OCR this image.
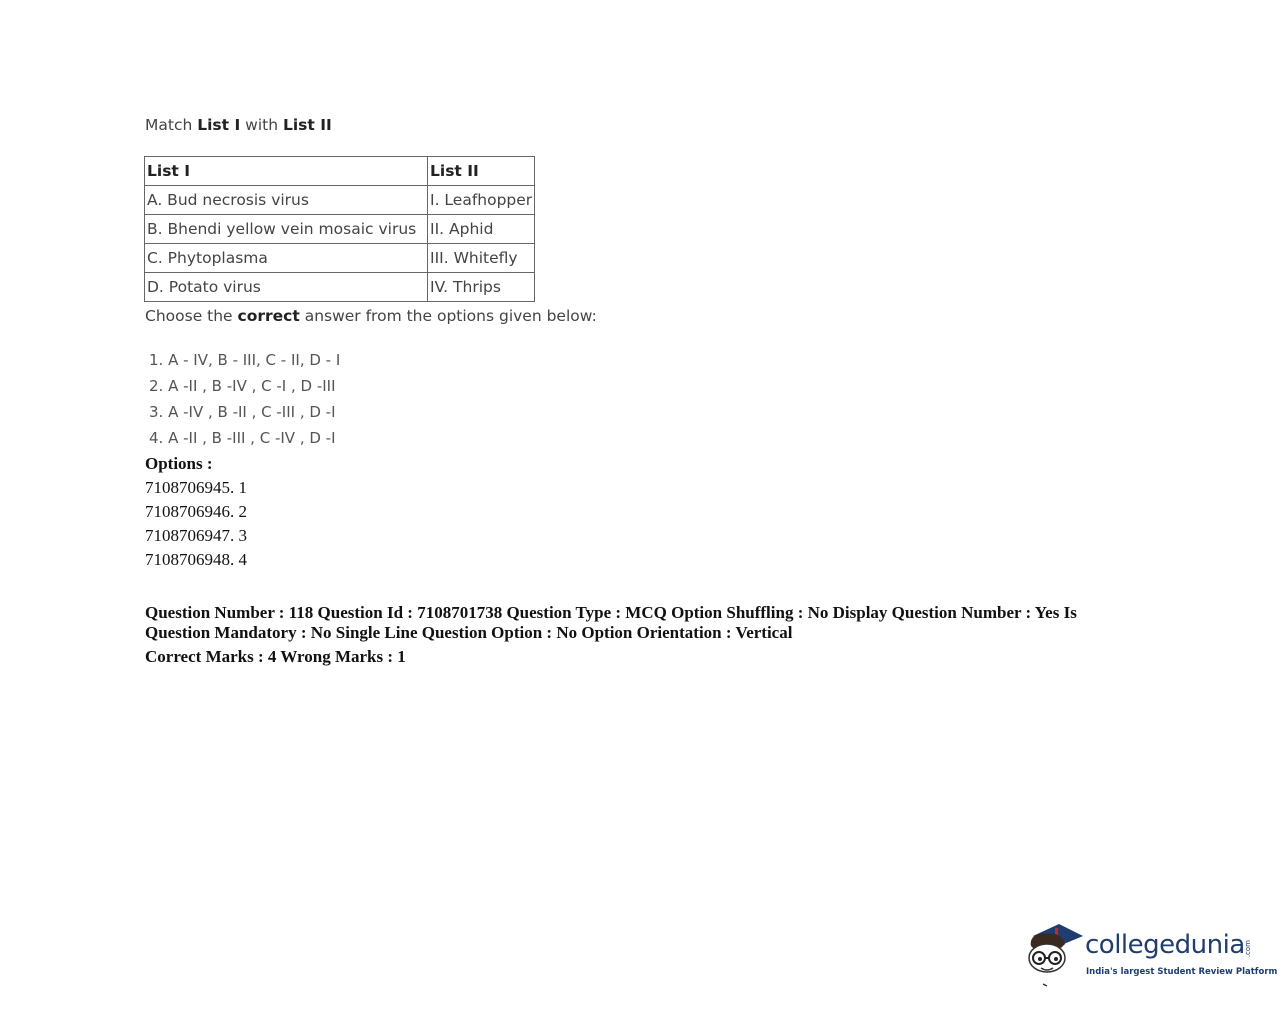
Match List I with List II
List I	List II
A. Bud necrosis virus	I. Leafhopper
B. Bhendi yellow vein mosaic virus	II. Aphid
C. Phytoplasma	III. Whitefly
D. Potato virus	IV. Thrips
Choose the correct answer from the options given below:
1. A - IV, B - III, C - II, D - I
2. A -II , B -IV , C -I , D -III
3. A -IV , B -II , C -III , D -I
4. A -II , B -III , C -IV , D -I
Options :
7108706945. 1
7108706946. 2
7108706947. 3
7108706948. 4
Question Number : 118 Question Id : 7108701738 Question Type : MCQ Option Shuffling : No Display Question Number : Yes Is Question Mandatory : No Single Line Question Option : No Option Orientation : Vertical
Correct Marks : 4 Wrong Marks : 1
collegedunia .com
India's largest Student Review Platform
